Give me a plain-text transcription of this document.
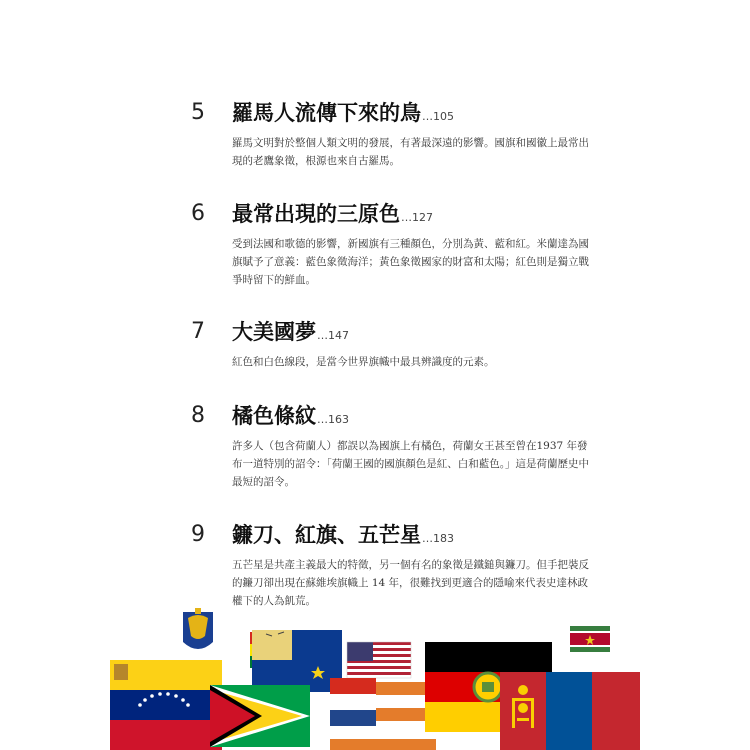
5 羅馬人流傳下來的鳥…105
羅馬文明對於整個人類文明的發展，有著最深遠的影響。國旗和國徽上最常出現的老鷹象徵，根源也來自古羅馬。
6 最常出現的三原色…127
受到法國和歌德的影響，新國旗有三種顏色，分別為黃、藍和紅。米蘭達為國旗賦予了意義：藍色象徵海洋；黃色象徵國家的財富和太陽；紅色則是獨立戰爭時留下的鮮血。
7 大美國夢…147
紅色和白色線段，是當今世界旗幟中最具辨識度的元素。
8 橘色條紋…163
許多人（包含荷蘭人）都誤以為國旗上有橘色，荷蘭女王甚至曾在1937 年發布一道特別的詔令：「荷蘭王國的國旗顏色是紅、白和藍色。」這是荷蘭歷史中最短的詔令。
9 鐮刀、紅旗、五芒星…183
五芒星是共產主義最大的特徵，另一個有名的象徵是鐵鎚與鐮刀。但手把裝反的鐮刀卻出現在蘇維埃旗幟上 14 年，很難找到更適合的隱喻來代表史達林政權下的人為飢荒。
